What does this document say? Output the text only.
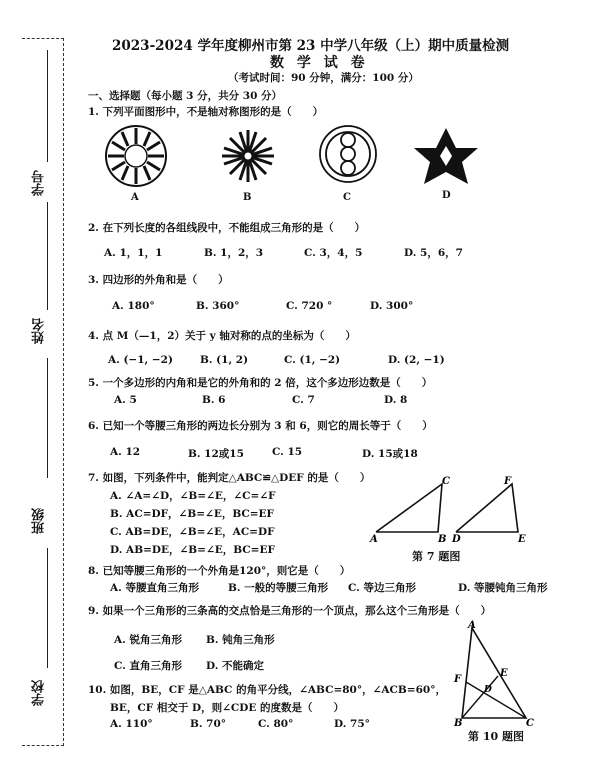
学号
姓名
班级
学校
2023-2024 学年度柳州市第 23 中学八年级（上）期中质量检测
数 学 试 卷
（考试时间：90 分钟，满分：100 分）
一、选择题（每小题 3 分，共分 30 分）
1. 下列平面图形中，不是轴对称图形的是（　　）
A	B	C	D
2. 在下列长度的各组线段中，不能组成三角形的是（　　）
A. 1，1，1	B. 1，2，3	C. 3，4，5	D. 5，6，7
3. 四边形的外角和是（　　）
A. 180°	B. 360°	C. 720 °	D. 300°
4. 点 M（—1，2）关于 y 轴对称的点的坐标为（　　）
A. (−1, −2)	B. (1, 2)	C. (1, −2)	D. (2, −1)
5. 一个多边形的内角和是它的外角和的 2 倍，这个多边形边数是（　　）
A. 5	B. 6	C. 7	D. 8
6. 已知一个等腰三角形的两边长分别为 3 和 6，则它的周长等于（　　）
A. 12	B. 12或15	C. 15	D. 15或18
7. 如图，下列条件中，能判定△ABC≌△DEF 的是（　　）
A. ∠A=∠D，∠B=∠E，∠C=∠F
B. AC=DF，∠B=∠E，BC=EF
C. AB=DE，∠B=∠E，AC=DF
D. AB=DE，∠B=∠E，BC=EF
A	B
C
D	E
F
第 7 题图
8. 已知等腰三角形的一个外角是120°，则它是（　　）
A. 等腰直角三角形	B. 一般的等腰三角形 C. 等边三角形	D. 等腰钝角三角形
9. 如果一个三角形的三条高的交点恰是三角形的一个顶点，那么这个三角形是（　　）
A. 锐角三角形 B. 钝角三角形
C. 直角三角形 D. 不能确定
10. 如图，BE，CF 是△ABC 的角平分线，∠ABC=80°，∠ACB=60°，
BE，CF 相交于 D，则∠CDE 的度数是（　　）
A. 110°	B. 70°	C. 80°	D. 75°
A
B	C
D
E
F
第 10 题图
